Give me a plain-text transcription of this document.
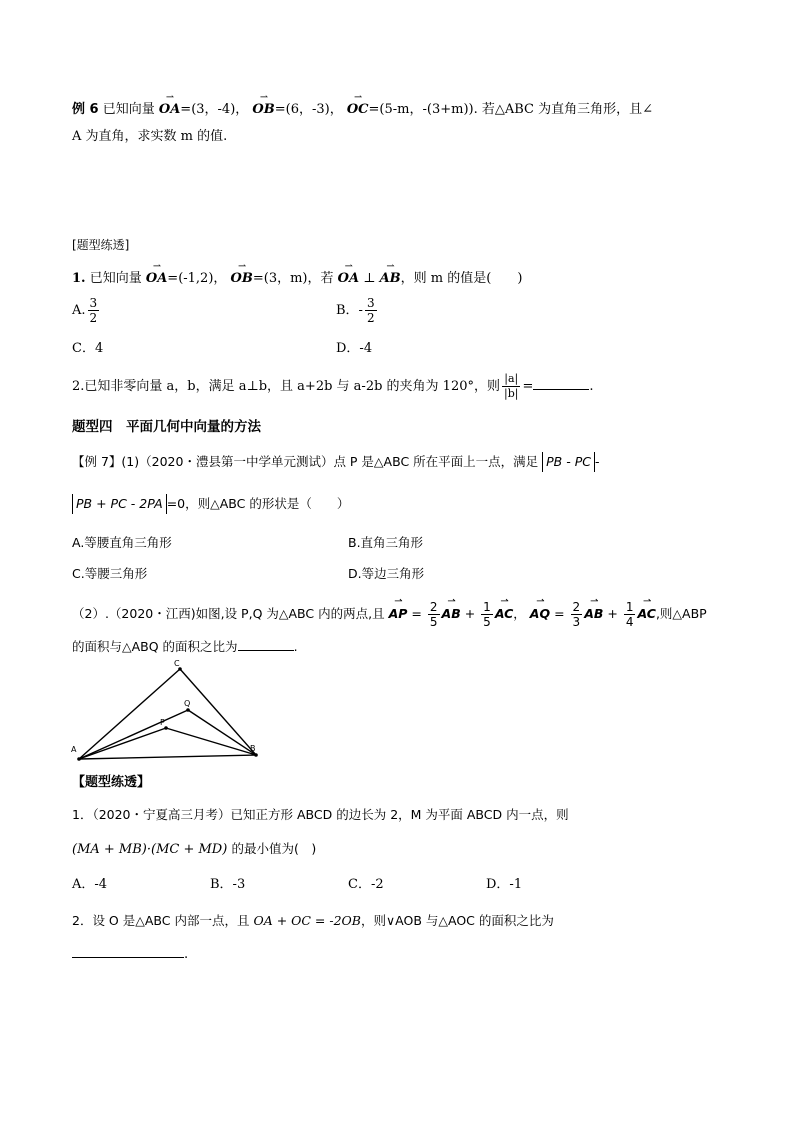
例 6 已知向量 ⇀ OA=(3，-4)， ⇀ OB=(6，-3)， ⇀ OC=(5-m，-(3+m)). 若△ABC 为直角三角形，且∠
A 为直角，求实数 m 的值.
[题型练透]
1. 已知向量 ⇀ OA=(-1,2)， ⇀ OB=(3，m)，若 ⇀ OA ⊥ ⇀ AB，则 m 的值是(　　)
A. $\frac{3}{2}$	B．- $\frac{3}{2}$
C．4	D．-4
2.已知非零向量 a，b，满足 a⊥b，且 a+2b 与 a-2b 的夹角为 120°，则 $\frac{|a|}{|b|}$ =	.
题型四　平面几何中向量的方法
【例 7】(1)（2020・澧县第一中学单元测试）点 P 是△ABC 所在平面上一点，满足 PB - PC -
PB + PC - 2PA =0，则△ABC 的形状是（　　）
A.等腰直角三角形	B.直角三角形
C.等腰三角形	D.等边三角形
（2）.（2020・江西)如图,设 P,Q 为△ABC 内的两点,且 ⇀ AP = $\frac{2}{5}$ ⇀ AB + $\frac{1}{5}$ ⇀ AC， ⇀ AQ = $\frac{2}{3}$ ⇀ AB + $\frac{1}{4}$ ⇀ AC,则△ABP
的面积与△ABQ 的面积之比为	.
A	B
C
Q
P
【题型练透】
1．（2020・宁夏高三月考）已知正方形 ABCD 的边长为 2，M 为平面 ABCD 内一点，则
(MA + MB)·(MC + MD) 的最小值为(　)
A．-4	B．-3	C．-2	D．-1
2．设 O 是△ABC 内部一点，且 OA + OC = -2OB，则∨AOB 与△AOC 的面积之比为
.
